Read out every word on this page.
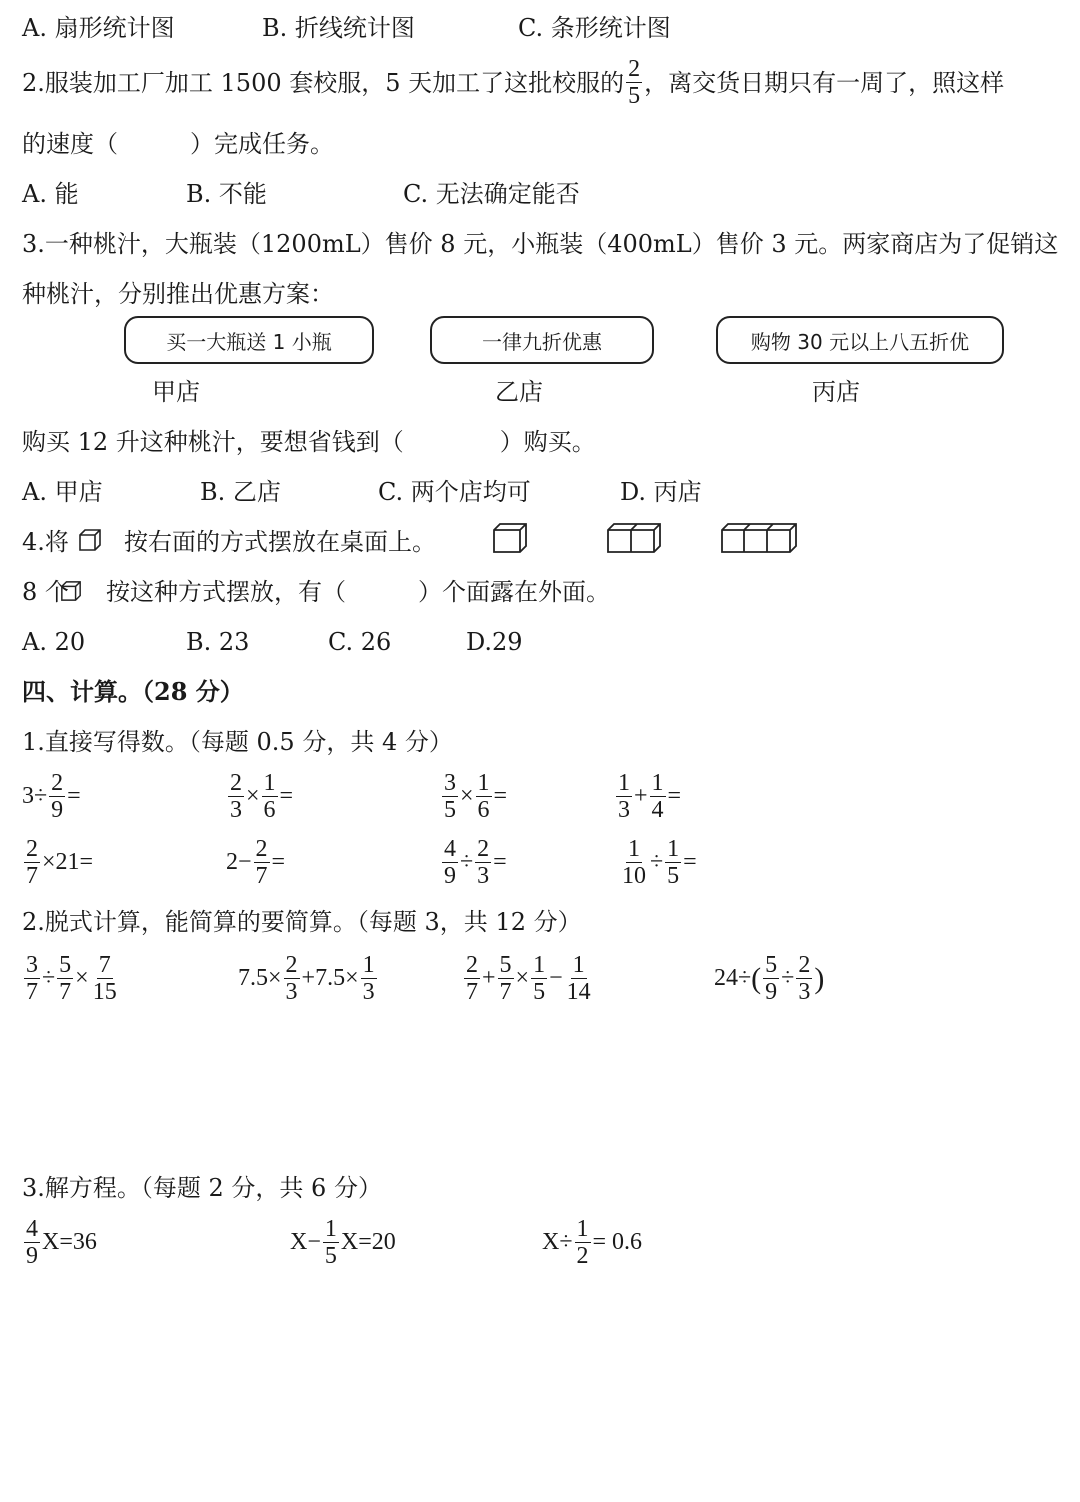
A. 扇形统计图	B. 折线统计图	C. 条形统计图
2.服装加工厂加工 1500 套校服，5 天加工了这批校服的 $\frac{2}{5}$ ，离交货日期只有一周了，照这样
的速度（　　　）完成任务。
A. 能	B. 不能	C. 无法确定能否
3.一种桃汁，大瓶装（1200mL）售价 8 元，小瓶装（400mL）售价 3 元。两家商店为了促销这
种桃汁，分别推出优惠方案：
买一大瓶送 1 小瓶	一律九折优惠	购物 30 元以上八五折优
甲店	乙店	丙店
购买 12 升这种桃汁，要想省钱到（　　　　）购买。
A. 甲店	B. 乙店	C. 两个店均可	D. 丙店
4.将 按右面的方式摆放在桌面上。
8 个 按这种方式摆放，有（　　　）个面露在外面。
A. 20	B. 23	C. 26	D.29
四、计算。（28 分）
1.直接写得数。（每题 0.5 分，共 4 分）
$3 \div \frac{2}{9}$ =	$\frac{2}{3} \times \frac{1}{6}$ =	$\frac{3}{5} \times \frac{1}{6}$ =	$\frac{1}{3} + \frac{1}{4}$ =
$\frac{2}{7} \times 21$ =	$2 - \frac{2}{7}$ =	$\frac{4}{9} \div \frac{2}{3}$ =	$\frac{1}{10} \div \frac{1}{5}$ =
2.脱式计算，能简算的要简算。（每题 3，共 12 分）
$\frac{3}{7} \div \frac{5}{7} \times \frac{7}{15}$	$7.5 \times \frac{2}{3} + 7.5 \times \frac{1}{3}$	$\frac{2}{7} + \frac{5}{7} \times \frac{1}{5} - \frac{1}{14}$	24 ÷ ( $\frac{5}{9} \div \frac{2}{3}$ )
3.解方程。（每题 2 分，共 6 分）
$\frac{4}{9} X=36$	$X- \frac{1}{5} X=20$	$X\div \frac{1}{2} = 0.6$
